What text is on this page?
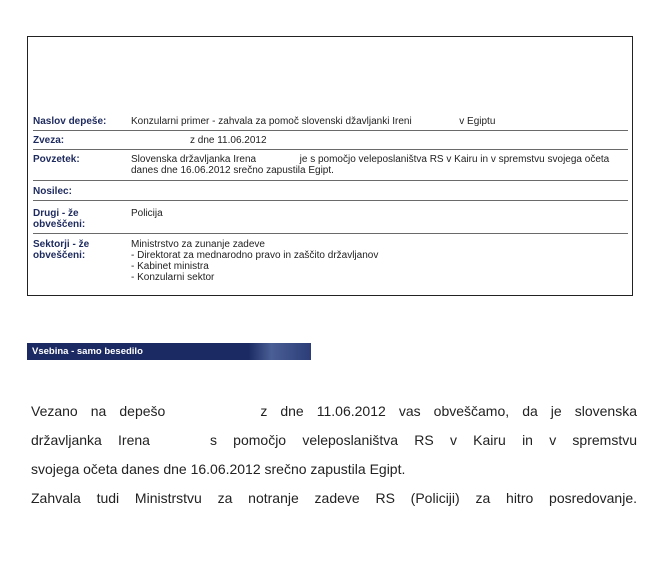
Naslov depeše:	Konzularni primer - zahvala za pomoč slovenski džavljanki Ireni	v Egiptu
Zveza:	z dne 11.06.2012
Povzetek:	Slovenska državljanka Irena	je s pomočjo veleposlaništva RS v Kairu in v spremstvu svojega očeta
danes dne 16.06.2012 srečno zapustila Egipt.
Nosilec:
Drugi - že
obveščeni:
Policija
Sektorji - že
obveščeni:
Ministrstvo za zunanje zadeve
- Direktorat za mednarodno pravo in zaščito državljanov
- Kabinet ministra
- Konzularni sektor
Vsebina - samo besedilo
Vezano na depešo	z dne 11.06.2012 vas obveščamo, da je slovenska
državljanka Irena	s pomočjo veleposlaništva RS v Kairu in v spremstvu
svojega očeta danes dne 16.06.2012 srečno zapustila Egipt.
Zahvala tudi Ministrstvu za notranje zadeve RS (Policiji) za hitro posredovanje.
